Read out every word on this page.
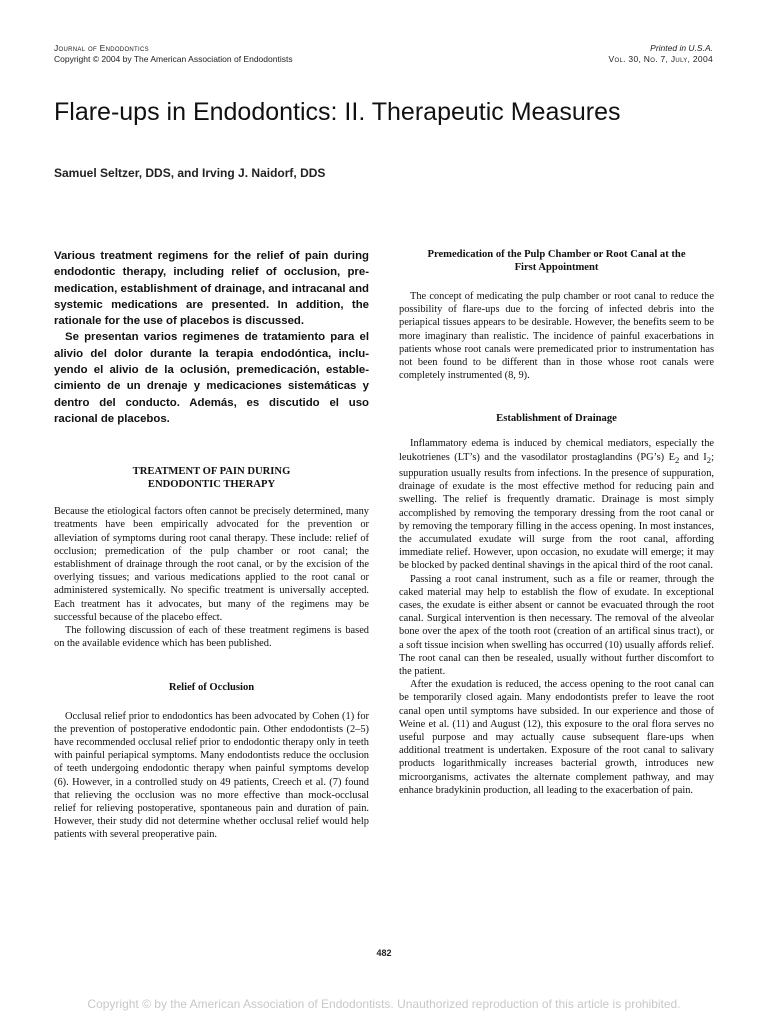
Journal of Endodontics
Copyright © 2004 by The American Association of Endodontists
Printed in U.S.A.
Vol. 30, No. 7, July, 2004
Flare-ups in Endodontics: II. Therapeutic Measures
Samuel Seltzer, DDS, and Irving J. Naidorf, DDS

Various treatment regimens for the relief of pain during endodontic therapy, including relief of occlusion, pre-medication, establishment of drainage, and intracanal and systemic medications are presented. In addition, the rationale for the use of placebos is discussed.

Se presentan varios regimenes de tratamiento para el alivio del dolor durante la terapia endodóntica, inclu-yendo el alivio de la oclusión, premedicación, estable-cimiento de un drenaje y medicaciones sistemáticas y dentro del conducto. Además, es discutido el uso racional de placebos.

TREATMENT OF PAIN DURING
ENDODONTIC THERAPY

Because the etiological factors often cannot be precisely determined, many treatments have been empirically advocated for the prevention or alleviation of symptoms during root canal therapy. These include: relief of occlusion; premedication of the pulp chamber or root canal; the establishment of drainage through the root canal, or by the excision of the overlying tissues; and various medications applied to the root canal or administered systemically. No specific treatment is universally accepted. Each treatment has it advocates, but many of the regimens may be successful because of the placebo effect.

The following discussion of each of these treatment regimens is based on the available evidence which has been published.

Relief of Occlusion

Occlusal relief prior to endodontics has been advocated by Cohen (1) for the prevention of postoperative endodontic pain. Other endodontists (2–5) have recommended occlusal relief prior to endodontic therapy only in teeth with painful periapical symptoms. Many endodontists reduce the occlusion of teeth undergoing endodontic therapy when painful symptoms develop (6). However, in a controlled study on 49 patients, Creech et al. (7) found that relieving the occlusion was no more effective than mock-occlusal relief for relieving postoperative, spontaneous pain and duration of pain. However, their study did not determine whether occlusal relief would help patients with several preoperative pain.

Premedication of the Pulp Chamber or Root Canal at the
First Appointment

The concept of medicating the pulp chamber or root canal to reduce the possibility of flare-ups due to the forcing of infected debris into the periapical tissues appears to be desirable. However, the benefits seem to be more imaginary than realistic. The incidence of painful exacerbations in patients whose root canals were premedicated prior to instrumentation has not been found to be different than in those whose root canals were completely instrumented (8, 9).

Establishment of Drainage

Inflammatory edema is induced by chemical mediators, especially the leukotrienes (LT’s) and the vasodilator prostaglandins (PG’s) $E_2$ and $I_2$; suppuration usually results from infections. In the presence of suppuration, drainage of exudate is the most effective method for reducing pain and swelling. The relief is frequently dramatic. Drainage is most simply accomplished by removing the temporary dressing from the root canal or by removing the temporary filling in the access opening. In most instances, the accumulated exudate will surge from the root canal, affording immediate relief. However, upon occasion, no exudate will emerge; it may be blocked by packed dentinal shavings in the apical third of the root canal.

Passing a root canal instrument, such as a file or reamer, through the caked material may help to establish the flow of exudate. In exceptional cases, the exudate is either absent or cannot be evacuated through the root canal. Surgical intervention is then necessary. The removal of the alveolar bone over the apex of the tooth root (creation of an artifical sinus tract), or a soft tissue incision when swelling has occurred (10) usually affords relief. The root canal can then be resealed, usually without further discomfort to the patient.

After the exudation is reduced, the access opening to the root canal can be temporarily closed again. Many endodontists prefer to leave the root canal open until symptoms have subsided. In our experience and those of Weine et al. (11) and August (12), this exposure to the oral flora serves no useful purpose and may actually cause subsequent flare-ups when additional treatment is undertaken. Exposure of the root canal to salivary products logarithmically increases bacterial growth, introduces new microorganisms, activates the alternate complement pathway, and may enhance bradykinin production, all leading to the exacerbation of pain.

482
Copyright © by the American Association of Endodontists. Unauthorized reproduction of this article is prohibited.
